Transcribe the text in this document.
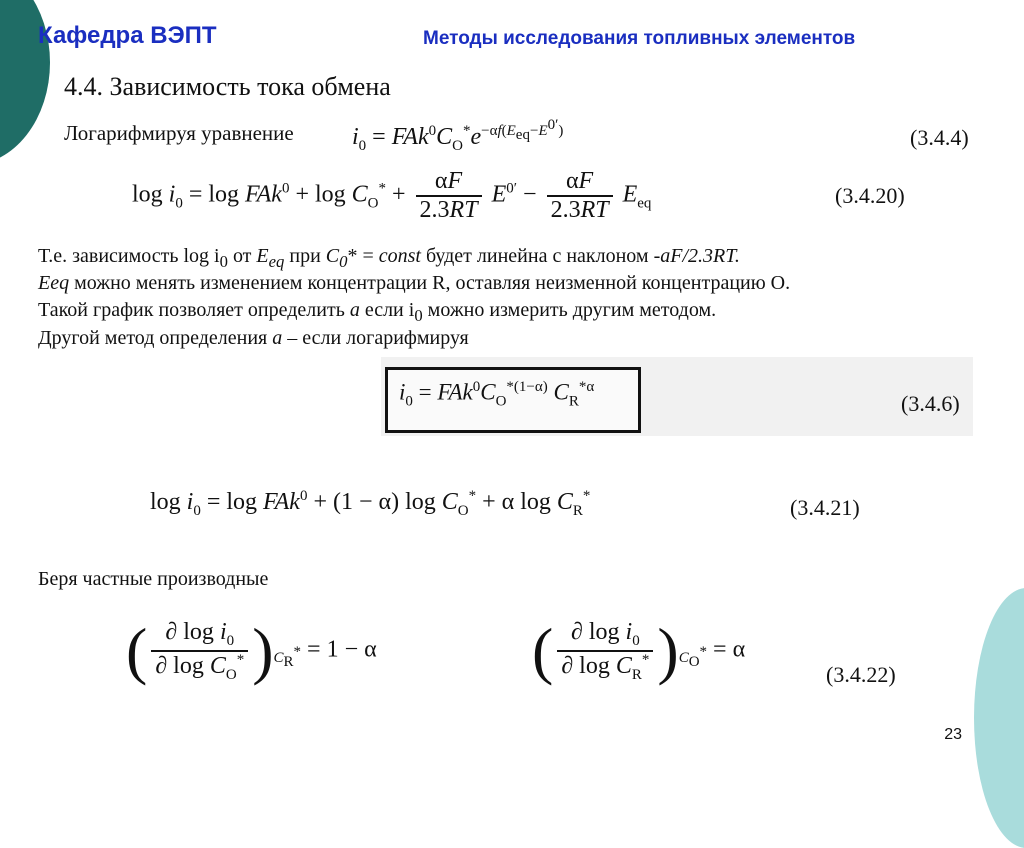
Кафедра ВЭПТ	Методы исследования топливных элементов
4.4. Зависимость тока обмена
Логарифмируя уравнение $i_0 = FAk^0C_O^*e^{-\alpha f(E_{eq}-E^{0'})}$	(3.4.4)
$\log i_0 = \log FAk^0 + \log C_O^* + \frac{\alpha F}{2.3RT} E^{0'} - \frac{\alpha F}{2.3RT} E_{eq}$	(3.4.20)
Т.е. зависимость $\log i_0$ от $E_{eq}$ при $C_0*$ = const будет линейна с наклоном -aF/2.3RT.
Eeq можно менять изменением концентрации R, оставляя неизменной концентрацию O.
Такой график позволяет определить a если $i_0$ можно измерить другим методом.
Другой метод определения a – если логарифмируя
$i_0 = FAk^0C_O^{*(1-\alpha)}$ $C_R^{*\alpha}$
(3.4.6)
$\log i_0 = \log FAk^0 + (1 - \alpha)$ $\log C_O^* + \alpha$ $\log C_R^*$	(3.4.21)
Беря частные производные
( $\frac{\partial \log i_0}{\partial \log C_O^*} )_{C_R^*} = 1 - \alpha$ ( $\frac{\partial \log i_0}{\partial \log C_R^*} )_{C_O^*} = \alpha$
(3.4.22)
23
